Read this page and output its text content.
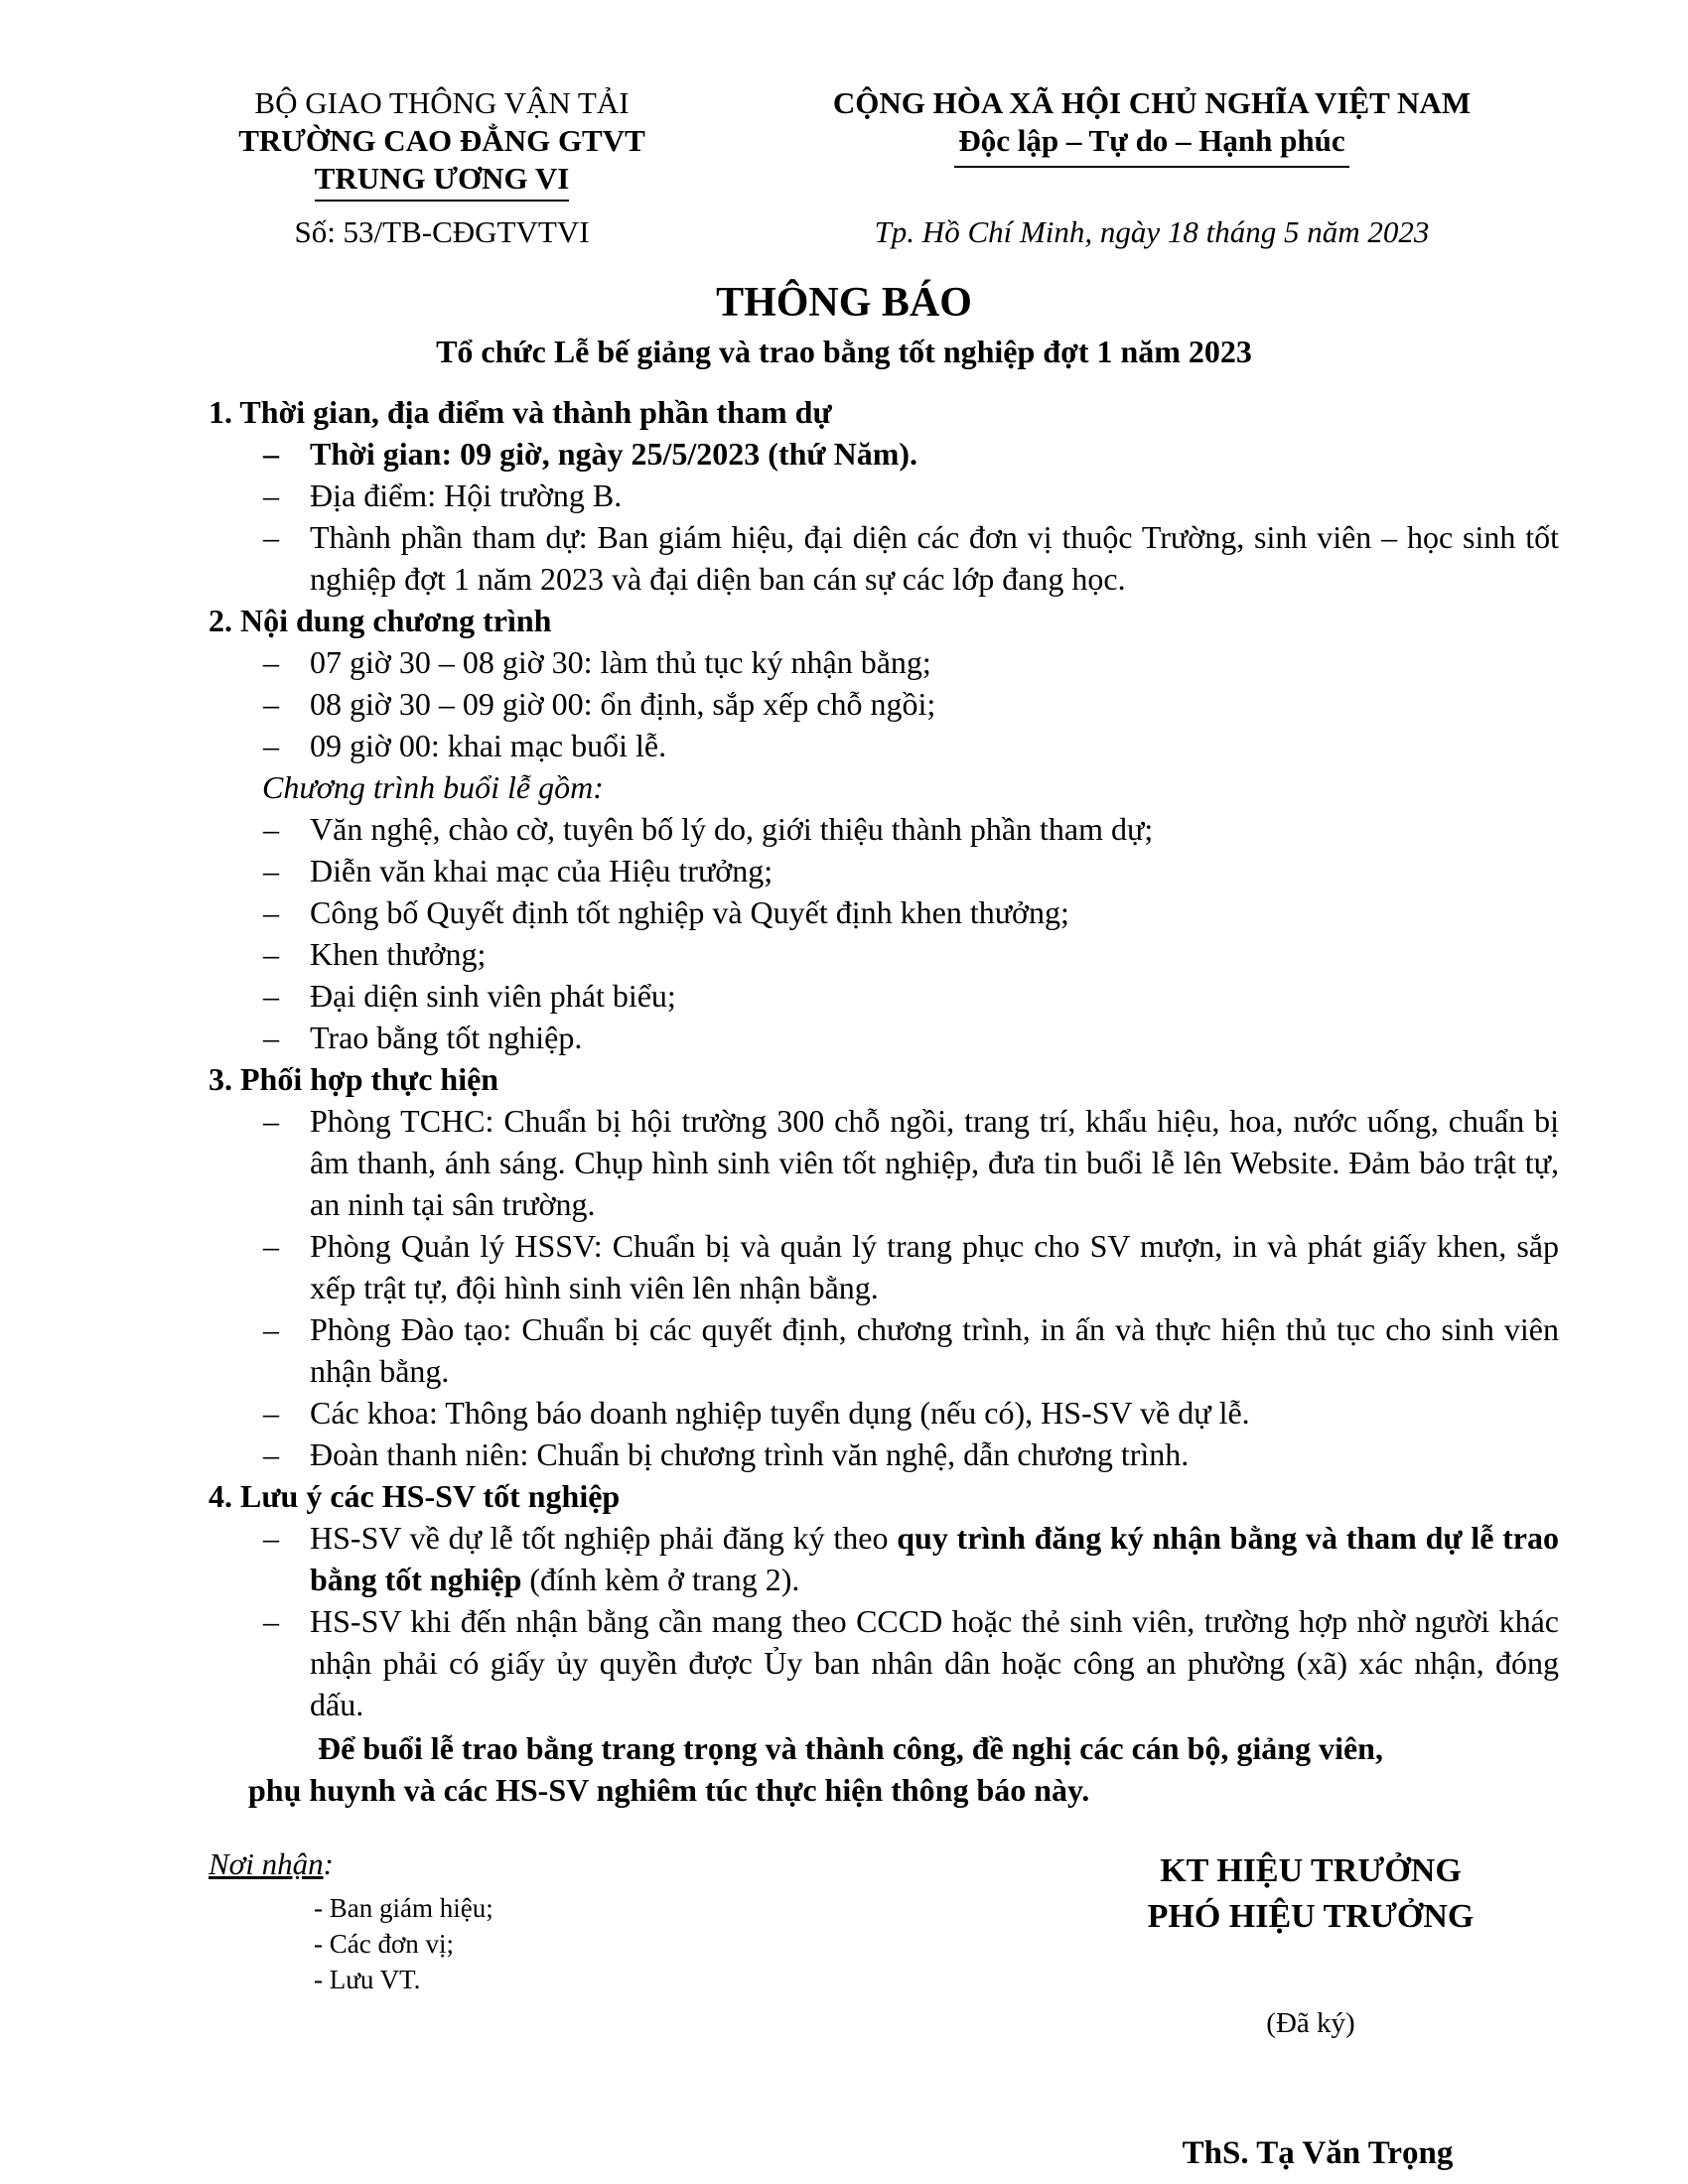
BỘ GIAO THÔNG VẬN TẢI
TRƯỜNG CAO ĐẲNG GTVT
TRUNG ƯƠNG VI
Số: 53/TB-CĐGTVTVI
CỘNG HÒA XÃ HỘI CHỦ NGHĨA VIỆT NAM
Độc lập – Tự do – Hạnh phúc
Tp. Hồ Chí Minh, ngày 18 tháng 5 năm 2023
THÔNG BÁO
Tổ chức Lễ bế giảng và trao bằng tốt nghiệp đợt 1 năm 2023
1. Thời gian, địa điểm và thành phần tham dự
– Thời gian: 09 giờ, ngày 25/5/2023 (thứ Năm).
– Địa điểm: Hội trường B.
– Thành phần tham dự: Ban giám hiệu, đại diện các đơn vị thuộc Trường, sinh viên – học sinh tốt nghiệp đợt 1 năm 2023 và đại diện ban cán sự các lớp đang học.
2. Nội dung chương trình
– 07 giờ 30 – 08 giờ 30: làm thủ tục ký nhận bằng;
– 08 giờ 30 – 09 giờ 00: ổn định, sắp xếp chỗ ngồi;
– 09 giờ 00: khai mạc buổi lễ.
Chương trình buổi lễ gồm:
– Văn nghệ, chào cờ, tuyên bố lý do, giới thiệu thành phần tham dự;
– Diễn văn khai mạc của Hiệu trưởng;
– Công bố Quyết định tốt nghiệp và Quyết định khen thưởng;
– Khen thưởng;
– Đại diện sinh viên phát biểu;
– Trao bằng tốt nghiệp.
3. Phối hợp thực hiện
– Phòng TCHC: Chuẩn bị hội trường 300 chỗ ngồi, trang trí, khẩu hiệu, hoa, nước uống, chuẩn bị âm thanh, ánh sáng. Chụp hình sinh viên tốt nghiệp, đưa tin buổi lễ lên Website. Đảm bảo trật tự, an ninh tại sân trường.
– Phòng Quản lý HSSV: Chuẩn bị và quản lý trang phục cho SV mượn, in và phát giấy khen, sắp xếp trật tự, đội hình sinh viên lên nhận bằng.
– Phòng Đào tạo: Chuẩn bị các quyết định, chương trình, in ấn và thực hiện thủ tục cho sinh viên nhận bằng.
– Các khoa: Thông báo doanh nghiệp tuyển dụng (nếu có), HS-SV về dự lễ.
– Đoàn thanh niên: Chuẩn bị chương trình văn nghệ, dẫn chương trình.
4. Lưu ý các HS-SV tốt nghiệp
– HS-SV về dự lễ tốt nghiệp phải đăng ký theo quy trình đăng ký nhận bằng và tham dự lễ trao bằng tốt nghiệp (đính kèm ở trang 2).
– HS-SV khi đến nhận bằng cần mang theo CCCD hoặc thẻ sinh viên, trường hợp nhờ người khác nhận phải có giấy ủy quyền được Ủy ban nhân dân hoặc công an phường (xã) xác nhận, đóng dấu.
Để buổi lễ trao bằng trang trọng và thành công, đề nghị các cán bộ, giảng viên,
phụ huynh và các HS-SV nghiêm túc thực hiện thông báo này.
Nơi nhận:
- Ban giám hiệu;
- Các đơn vị;
- Lưu VT.
KT HIỆU TRƯỞNG
PHÓ HIỆU TRƯỞNG
(Đã ký)
ThS. Tạ Văn Trọng
